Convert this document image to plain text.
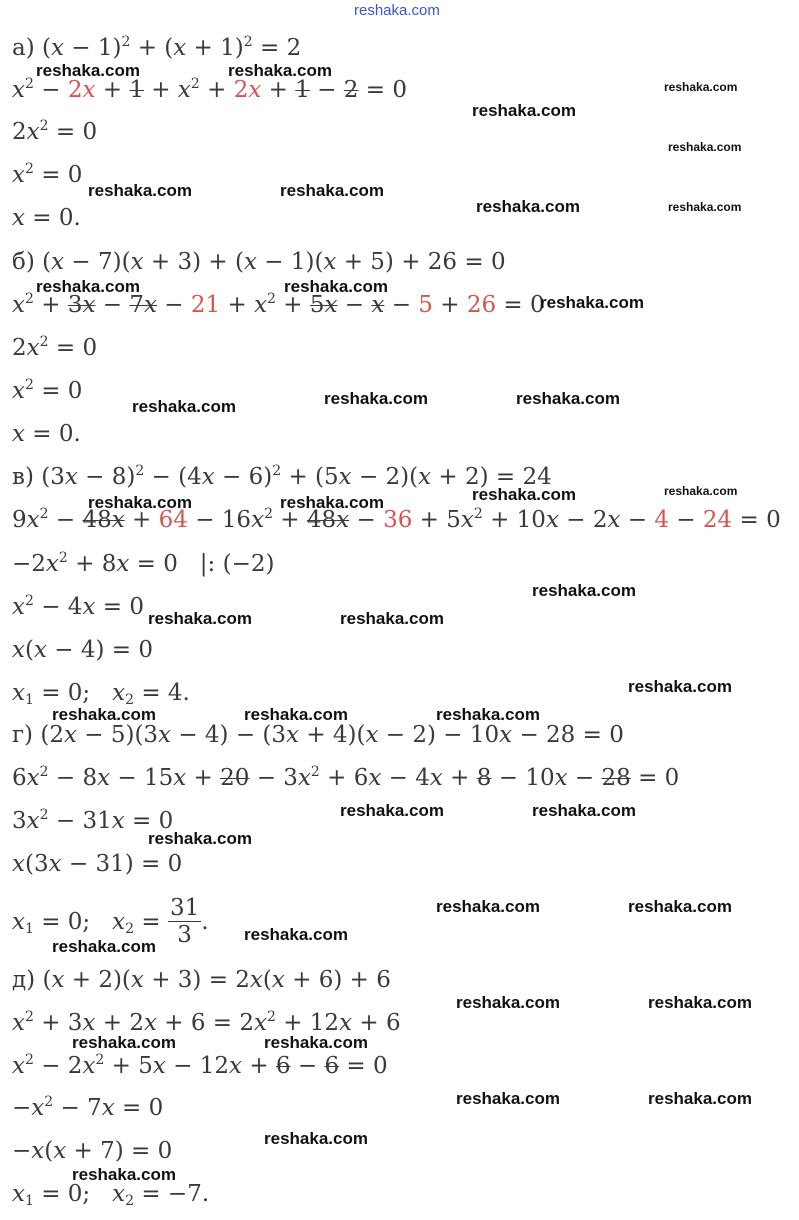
reshaka.com
а) $(x - 1)^2 + (x + 1)^2 = 2$
$x^2 - 2x + 1 + x^2 + 2x + 1 - 2 = 0$
$2x^2 = 0$
$x^2 = 0$
x = 0.
б) (x − 7)(x + 3) + (x − 1)(x + 5) + 26 = 0
$x^2 + 3x - 7x - 21 + x^2 + 5x - x - 5 + 26 = 0$
$2x^2 = 0$
$x^2 = 0$
x = 0.
в) $(3x - 8)^2 - (4x - 6)^2 + (5x - 2)(x + 2) = 24$
$9x^2 - 48x + 64 - 16x^2 + 48x - 36 + 5x^2 + 10x - 2x - 4 - 24 = 0$
$-2x^2 + 8x = 0$   |: (−2)
$x^2 - 4x = 0$
x(x − 4) = 0
$x_1 = 0$;   $x_2 = 4$.
г) (2x − 5)(3x − 4) − (3x + 4)(x − 2) − 10x − 28 = 0
$6x^2 - 8x - 15x + 20 - 3x^2 + 6x - 4x + 8 - 10x - 28 = 0$
$3x^2 - 31x = 0$
x(3x − 31) = 0
$x_1 = 0$;   $x_2 = \frac{31}{3}$ .
д) (x + 2)(x + 3) = 2x(x + 6) + 6
$x^2 + 3x + 2x + 6 = 2x^2 + 12x + 6$
$x^2 - 2x^2 + 5x - 12x + 6 - 6 = 0$
$-x^2 - 7x = 0$
−x(x + 7) = 0
$x_1 = 0$;   $x_2 = -7$.
reshaka.com	reshaka.com
reshaka.com
reshaka.com
reshaka.com
reshaka.com	reshaka.com
reshaka.com	reshaka.com
reshaka.com	reshaka.com
reshaka.com
reshaka.com	reshaka.com
reshaka.com
reshaka.com	reshaka.com
reshaka.com	reshaka.com
reshaka.com
reshaka.com	reshaka.com
reshaka.com
reshaka.com	reshaka.com	reshaka.com
reshaka.com	reshaka.com
reshaka.com
reshaka.com	reshaka.com
reshaka.com
reshaka.com
reshaka.com	reshaka.com
reshaka.com	reshaka.com
reshaka.com	reshaka.com
reshaka.com
reshaka.com
